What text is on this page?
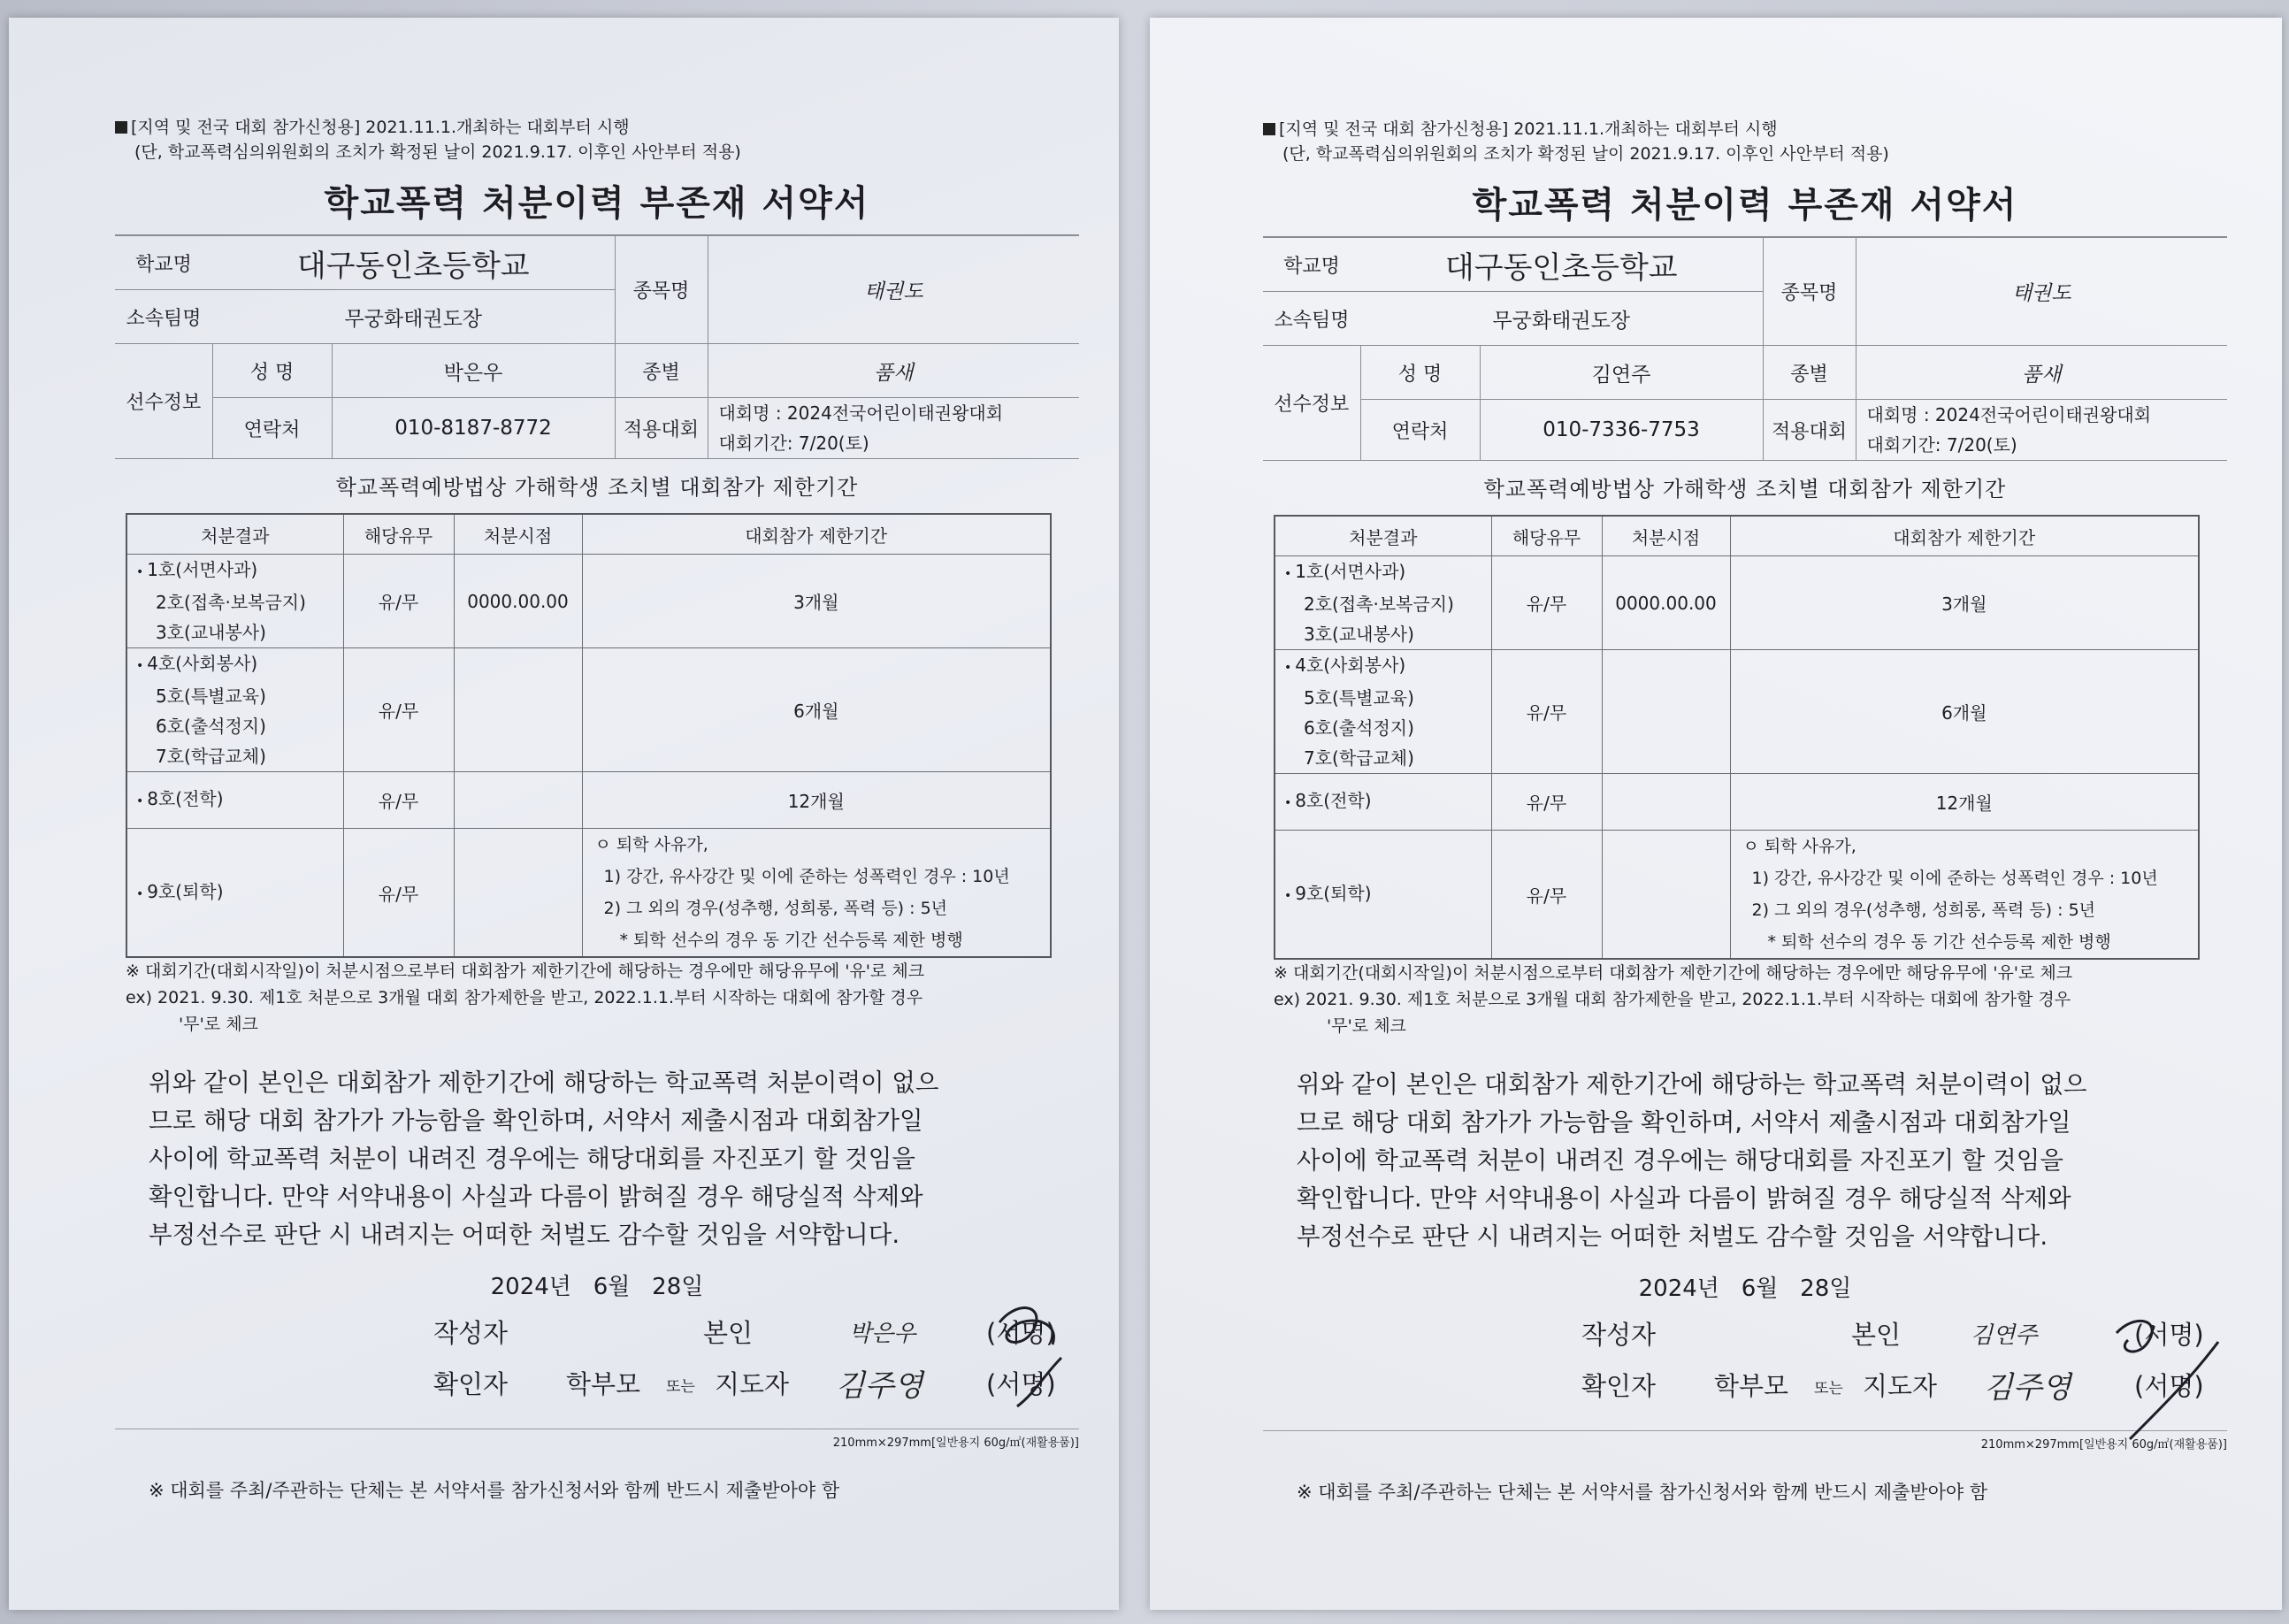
[지역 및 전국 대회 참가신청용] 2021.11.1.개최하는 대회부터 시행
(단, 학교폭력심의위원회의 조치가 확정된 날이 2021.9.17. 이후인 사안부터 적용)
학교폭력 처분이력 부존재 서약서
학교명	대구동인초등학교		종목명	태권도
소속팀명	무궁화태권도장			
선수정보	성 명	박은우	종별	품새
	연락처	010-8187-8772	적용대회	대회명 : 2024전국어린이태권왕대회
대회기간: 7/20(토)
학교폭력예방법상 가해학생 조치별 대회참가 제한기간
처분결과	해당유무	처분시점	대회참가 제한기간

• 1호(서면사과)
2호(접촉·보복금지)
3호(교내봉사)	유/무	0000.00.00	3개월

• 4호(사회봉사)
5호(특별교육)
6호(출석정지)
7호(학급교체)	유/무		6개월

• 8호(전학)	유/무		12개월

• 9호(퇴학)	유/무		ㅇ 퇴학 사유가,
1) 강간, 유사강간 및 이에 준하는 성폭력인 경우 : 10년
2) 그 외의 경우(성추행, 성희롱, 폭력 등) : 5년
* 퇴학 선수의 경우 동 기간 선수등록 제한 병행
※ 대회기간(대회시작일)이 처분시점으로부터 대회참가 제한기간에 해당하는 경우에만 해당유무에 '유'로 체크
ex) 2021. 9.30. 제1호 처분으로 3개월 대회 참가제한을 받고, 2022.1.1.부터 시작하는 대회에 참가할 경우
'무'로 체크
위와 같이 본인은 대회참가 제한기간에 해당하는 학교폭력 처분이력이 없으
므로 해당 대회 참가가 가능함을 확인하며, 서약서 제출시점과 대회참가일
사이에 학교폭력 처분이 내려진 경우에는 해당대회를 자진포기 할 것임을
확인합니다. 만약 서약내용이 사실과 다름이 밝혀질 경우 해당실적 삭제와
부정선수로 판단 시 내려지는 어떠한 처벌도 감수할 것임을 서약합니다.
2024년 6월 28일
작성자	본인	박은우	(서명)
확인자 학부모 또는 지도자 김주영 (서명)
210mm×297mm[일반용지 60g/㎡(재활용품)]
※ 대회를 주최/주관하는 단체는 본 서약서를 참가신청서와 함께 반드시 제출받아야 함
[지역 및 전국 대회 참가신청용] 2021.11.1.개최하는 대회부터 시행
(단, 학교폭력심의위원회의 조치가 확정된 날이 2021.9.17. 이후인 사안부터 적용)
학교폭력 처분이력 부존재 서약서
학교명	대구동인초등학교		종목명	태권도
소속팀명	무궁화태권도장			
선수정보	성 명	김연주	종별	품새
	연락처	010-7336-7753	적용대회	대회명 : 2024전국어린이태권왕대회
대회기간: 7/20(토)
학교폭력예방법상 가해학생 조치별 대회참가 제한기간
처분결과	해당유무	처분시점	대회참가 제한기간

• 1호(서면사과)
2호(접촉·보복금지)
3호(교내봉사)	유/무	0000.00.00	3개월

• 4호(사회봉사)
5호(특별교육)
6호(출석정지)
7호(학급교체)	유/무		6개월

• 8호(전학)	유/무		12개월

• 9호(퇴학)	유/무		ㅇ 퇴학 사유가,
1) 강간, 유사강간 및 이에 준하는 성폭력인 경우 : 10년
2) 그 외의 경우(성추행, 성희롱, 폭력 등) : 5년
* 퇴학 선수의 경우 동 기간 선수등록 제한 병행
※ 대회기간(대회시작일)이 처분시점으로부터 대회참가 제한기간에 해당하는 경우에만 해당유무에 '유'로 체크
ex) 2021. 9.30. 제1호 처분으로 3개월 대회 참가제한을 받고, 2022.1.1.부터 시작하는 대회에 참가할 경우
'무'로 체크
위와 같이 본인은 대회참가 제한기간에 해당하는 학교폭력 처분이력이 없으
므로 해당 대회 참가가 가능함을 확인하며, 서약서 제출시점과 대회참가일
사이에 학교폭력 처분이 내려진 경우에는 해당대회를 자진포기 할 것임을
확인합니다. 만약 서약내용이 사실과 다름이 밝혀질 경우 해당실적 삭제와
부정선수로 판단 시 내려지는 어떠한 처벌도 감수할 것임을 서약합니다.
2024년 6월 28일
작성자	본인	김연주	(서명)
확인자 학부모 또는 지도자 김주영 (서명)
210mm×297mm[일반용지 60g/㎡(재활용품)]
※ 대회를 주최/주관하는 단체는 본 서약서를 참가신청서와 함께 반드시 제출받아야 함
